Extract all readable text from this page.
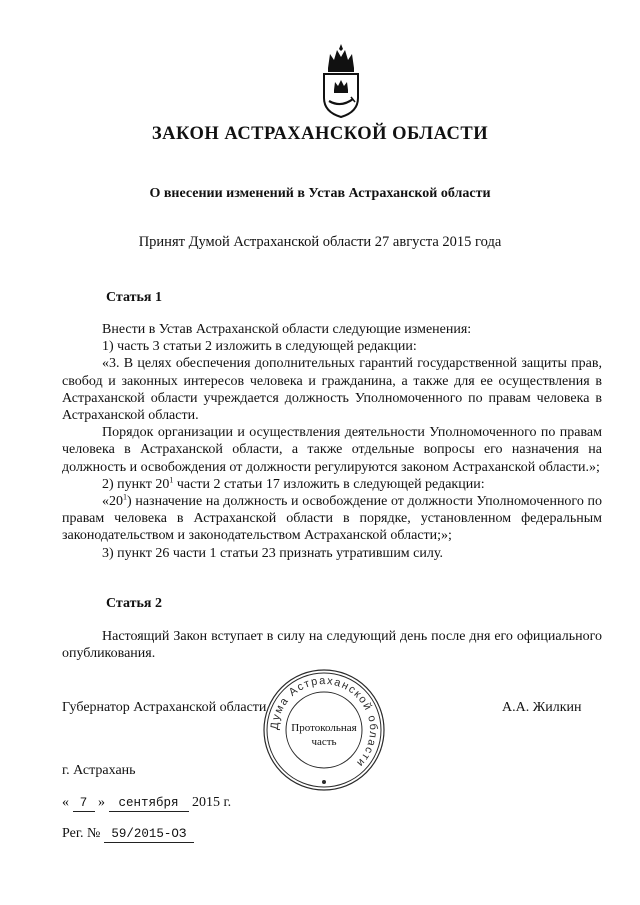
ЗАКОН АСТРАХАНСКОЙ ОБЛАСТИ
О внесении изменений в Устав Астраханской области
Принят Думой Астраханской области 27 августа 2015 года
Статья 1

Внести в Устав Астраханской области следующие изменения:

1) часть 3 статьи 2 изложить в следующей редакции:

«3. В целях обеспечения дополнительных гарантий государственной защиты прав, свобод и законных интересов человека и гражданина, а также для ее осуществления в Астраханской области учреждается должность Уполномоченного по правам человека в Астраханской области.

Порядок организации и осуществления деятельности Уполномоченного по правам человека в Астраханской области, а также отдельные вопросы его назначения на должность и освобождения от должности регулируются законом Астраханской области.»;

2) пункт $20^1$ части 2 статьи 17 изложить в следующей редакции:

«$20^1$) назначение на должность и освобождение от должности Уполномоченного по правам человека в Астраханской области в порядке, установленном федеральным законодательством и законодательством Астраханской области;»;

3) пункт 26 части 1 статьи 23 признать утратившим силу.

Статья 2

Настоящий Закон вступает в силу на следующий день после дня его официального опубликования.

Губернатор Астраханской области	А.А. Жилкин
Дума Астраханской области
Протокольная
часть
г. Астрахань
« 7 » сентября 2015 г.
Рег. № 59/2015-ОЗ
